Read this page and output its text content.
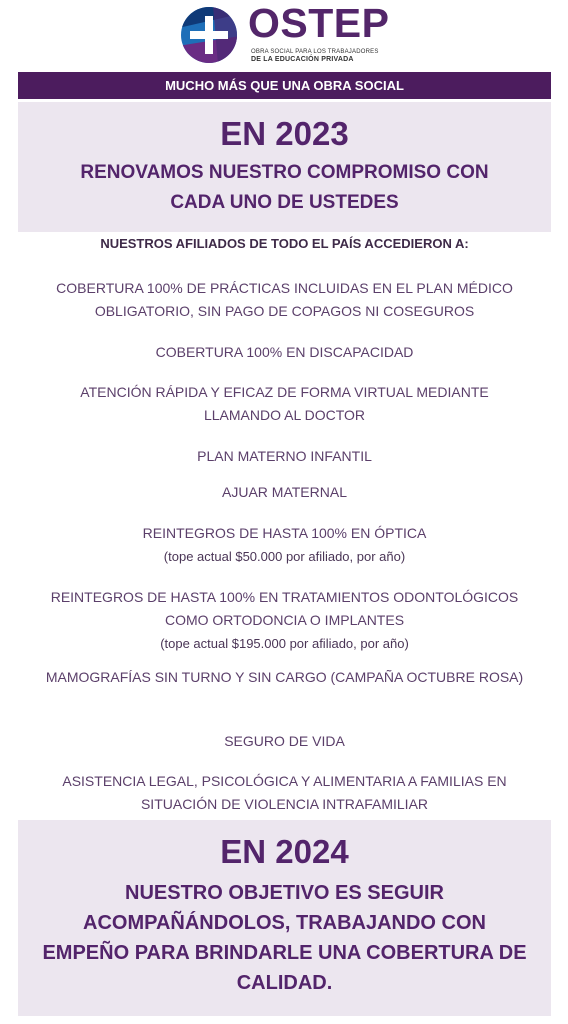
OSTEP
OBRA SOCIAL PARA LOS TRABAJADORES
DE LA EDUCACIÓN PRIVADA
MUCHO MÁS QUE UNA OBRA SOCIAL
EN 2023
RENOVAMOS NUESTRO COMPROMISO CON CADA UNO DE USTEDES
NUESTROS AFILIADOS DE TODO EL PAÍS ACCEDIERON A:
COBERTURA 100% DE PRÁCTICAS INCLUIDAS EN EL PLAN MÉDICO OBLIGATORIO, SIN PAGO DE COPAGOS NI COSEGUROS
COBERTURA 100% EN DISCAPACIDAD
ATENCIÓN RÁPIDA Y EFICAZ DE FORMA VIRTUAL MEDIANTE LLAMANDO AL DOCTOR
PLAN MATERNO INFANTIL
AJUAR MATERNAL
REINTEGROS DE HASTA 100% EN ÓPTICA
(tope actual $50.000 por afiliado, por año)
REINTEGROS DE HASTA 100% EN TRATAMIENTOS ODONTOLÓGICOS COMO ORTODONCIA O IMPLANTES
(tope actual $195.000 por afiliado, por año)
MAMOGRAFÍAS SIN TURNO Y SIN CARGO (CAMPAÑA OCTUBRE ROSA)
SEGURO DE VIDA
ASISTENCIA LEGAL, PSICOLÓGICA Y ALIMENTARIA A FAMILIAS EN SITUACIÓN DE VIOLENCIA INTRAFAMILIAR
EN 2024
NUESTRO OBJETIVO ES SEGUIR ACOMPAÑÁNDOLOS, TRABAJANDO CON EMPEÑO PARA BRINDARLE UNA COBERTURA DE CALIDAD.
